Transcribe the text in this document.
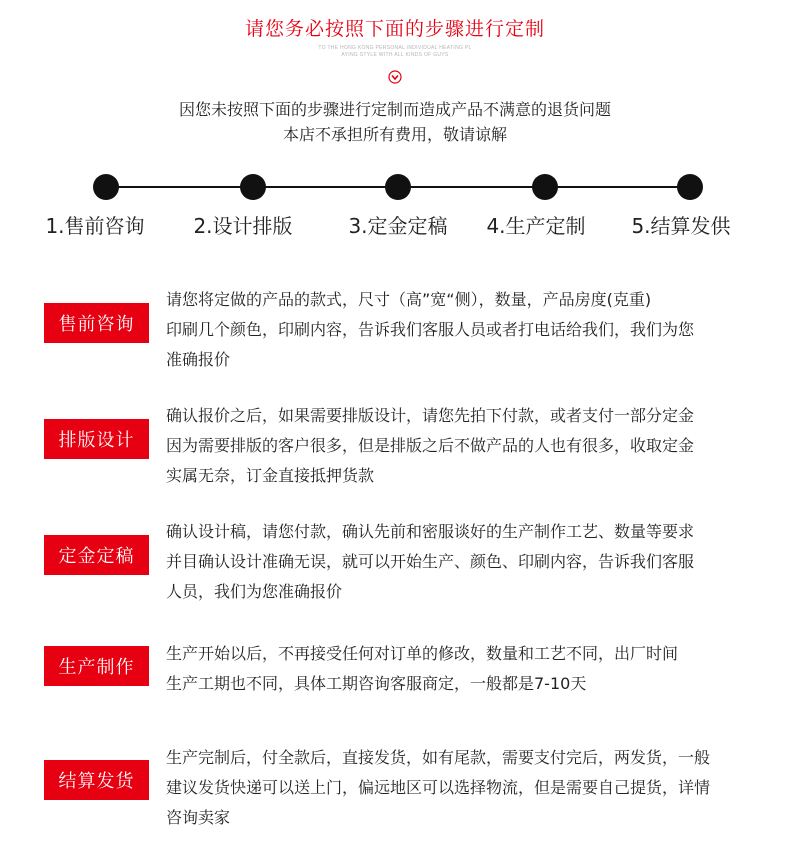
请您务必按照下面的步骤进行定制
TO THE HONG KONG PERSONAL INDIVIDUAL HEATING PL
AYING STYLE WITH ALL KINDS OF GUYS
因您未按照下面的步骤进行定制而造成产品不满意的退货问题
本店不承担所有费用，敬请谅解
1.售前咨询 2.设计排版	3.定金定稿 4.生产定制 5.结算发供
售前咨询
请您将定做的产品的款式，尺寸（高”宽“侧），数量，产品房度(克重)
印刷几个颜色，印刷内容，告诉我们客服人员或者打电话给我们，我们为您
准确报价
排版设计
确认报价之后，如果需要排版设计，请您先拍下付款，或者支付一部分定金
因为需要排版的客户很多，但是排版之后不做产品的人也有很多，收取定金
实属无奈，订金直接抵押货款
定金定稿
确认设计稿，请您付款，确认先前和密服谈好的生产制作工艺、数量等要求
并目确认设计准确无误，就可以开始生产、颜色、印刷内容，告诉我们客服
人员，我们为您准确报价
生产制作
生产开始以后，不再接受任何对订单的修改，数量和工艺不同，出厂时间
生产工期也不同，具体工期咨询客服商定，一般都是7-10天
结算发货
生产完制后，付全款后，直接发货，如有尾款，需要支付完后，两发货，一般
建议发货快递可以送上门，偏远地区可以选择物流，但是需要自己提货，详情
咨询卖家
